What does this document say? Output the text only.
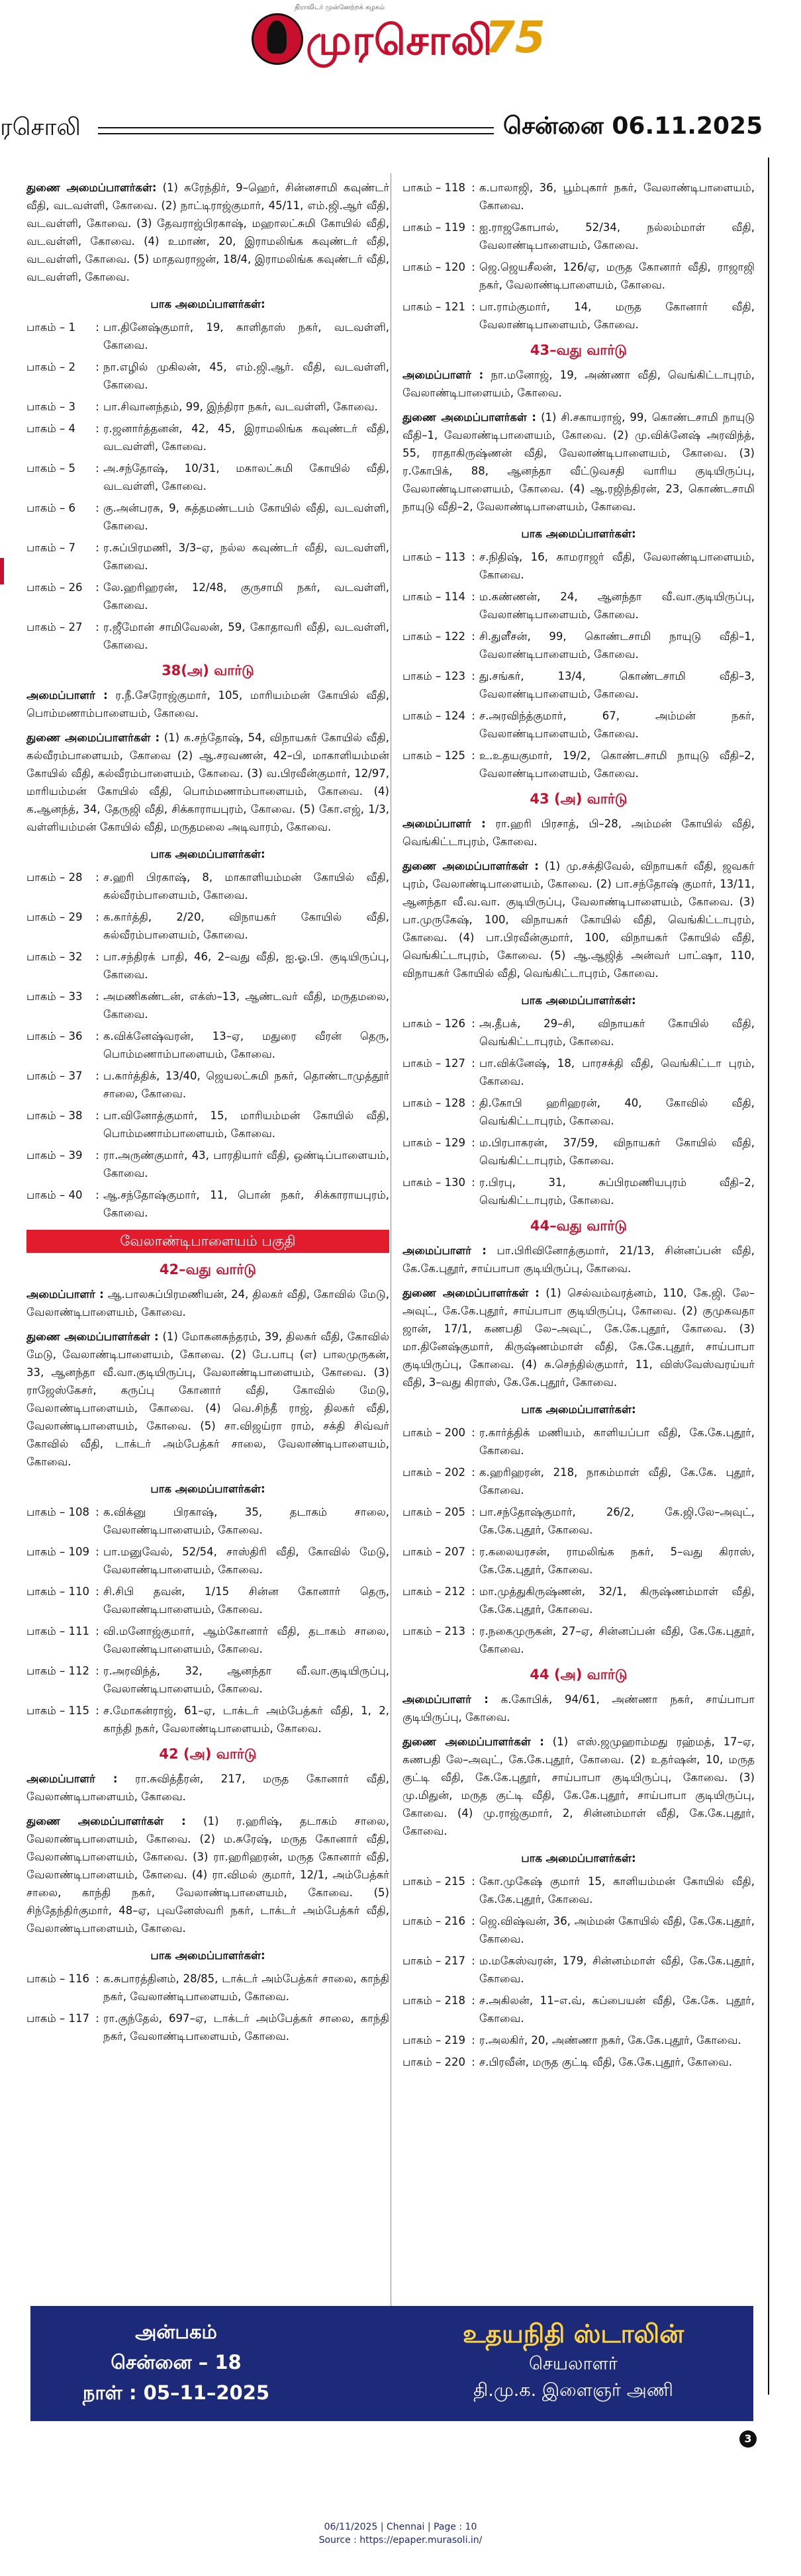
திராவிடர் முன்னேற்றக் கழகம்
முரசொலி
75
ரசொலி	சென்னை 06.11.2025

துணை அமைப்பாளர்கள்: (1) சுரேந்திர், 9–ஹெர், சின்னசாமி கவுண்டர் வீதி, வடவள்ளி, கோவை. (2) நாட்டிராஜ்குமார், 45/11, எம்.ஜி.ஆர் வீதி, வடவள்ளி, கோவை. (3) தேவராஜ்பிரகாஷ், மஹாலட்சுமி கோயில் வீதி, வடவள்ளி, கோவை. (4) உமாண், 20, இராமலிங்க கவுண்டர் வீதி, வடவள்ளி, கோவை. (5) மாதவராஜன், 18/4, இராமலிங்க கவுண்டர் வீதி, வடவள்ளி, கோவை.

பாக அமைப்பாளர்கள்:
பாகம் – 1	: பா.தினேஷ்குமார், 19, காளிதாஸ் நகர், வடவள்ளி, கோவை.
பாகம் – 2	: நா.எழில் முகிலன், 45, எம்.ஜி.ஆர். வீதி, வடவள்ளி, கோவை.
பாகம் – 3	: பா.சிவானந்தம், 99, இந்திரா நகர், வடவள்ளி, கோவை.
பாகம் – 4	: ர.ஜனார்த்தனன், 42, 45, இராமலிங்க கவுண்டர் வீதி, வடவள்ளி, கோவை.
பாகம் – 5	: அ.சந்தோஷ், 10/31, மகாலட்சுமி கோயில் வீதி, வடவள்ளி, கோவை.
பாகம் – 6	: கு.அன்பரசு, 9, சுத்தமண்டபம் கோயில் வீதி, வடவள்ளி, கோவை.
பாகம் – 7	: ர.சுப்பிரமணி, 3/3–ஏ, நல்ல கவுண்டர் வீதி, வடவள்ளி, கோவை.
பாகம் – 26	: லே.ஹரிஹரன், 12/48, குருசாமி நகர், வடவள்ளி, கோவை.
பாகம் – 27	: ர.ஜீமோன் சாமிவேலன், 59, கோதாவரி வீதி, வடவள்ளி, கோவை.
38(அ) வார்டு

அமைப்பாளர் : ர.நீ.சேரோஜ்குமார், 105, மாரியம்மன் கோயில் வீதி, பொம்மணாம்பாளையம், கோவை.

துணை அமைப்பாளர்கள் : (1) க.சந்தோஷ், 54, விநாயகர் கோயில் வீதி, கல்வீரம்பாளையம், கோவை (2) ஆ.சரவணன், 42–பி, மாகாளியம்மன் கோயில் வீதி, கல்வீரம்பாளையம், கோவை. (3) வ.பிரவீன்குமார், 12/97, மாரியம்மன் கோயில் வீதி, பொம்மணாம்பாளையம், கோவை. (4) க.ஆனந்த், 34, தேருஜி வீதி, சிக்காராயபுரம், கோவை. (5) கோ.எஜ், 1/3, வள்ளியம்மன் கோயில் வீதி, மருதமலை அடிவாரம், கோவை.

பாக அமைப்பாளர்கள்:
பாகம் – 28	: ச.ஹரி பிரகாஷ், 8, மாகாளியம்மன் கோயில் வீதி, கல்வீரம்பாளையம், கோவை.
பாகம் – 29	: க.கார்த்தி, 2/20, விநாயகர் கோயில் வீதி, கல்வீரம்பாளையம், கோவை.
பாகம் – 32	: பா.சந்திரக் பாதி, 46, 2–வது வீதி, ஐ.ஓ.பி. குடியிருப்பு, கோவை.
பாகம் – 33	: அமணிகண்டன், எக்ஸ்–13, ஆண்டவர் வீதி, மருதமலை, கோவை.
பாகம் – 36	: க.விக்னேஷ்வரன், 13–ஏ, மதுரை வீரன் தெரு, பொம்மணாம்பாளையம், கோவை.
பாகம் – 37	: ப.கார்த்திக், 13/40, ஜெயலட்சுமி நகர், தொண்டாமுத்தூர் சாலை, கோவை.
பாகம் – 38	: பா.வினோத்குமார், 15, மாரியம்மன் கோயில் வீதி, பொம்மணாம்பாளையம், கோவை.
பாகம் – 39	: ரா.அருண்குமார், 43, பாரதியார் வீதி, ஒண்டிப்பாளையம், கோவை.
பாகம் – 40	: ஆ.சந்தோஷ்குமார், 11, பொன் நகர், சிக்காராயபுரம், கோவை.
வேலாண்டிபாளையம் பகுதி
42–வது வார்டு

அமைப்பாளர் : ஆ.பாலசுப்பிரமணியன், 24, திலகர் வீதி, கோவில் மேடு, வேலாண்டிபாளையம், கோவை.

துணை அமைப்பாளர்கள் : (1) மோகனசுந்தரம், 39, திலகர் வீதி, கோவில் மேடு, வேலாண்டிபாளையம், கோவை. (2) பே.பாபு (எ) பாலமுருகன், 33, ஆனந்தா வீ.வா.குடியிருப்பு, வேலாண்டிபாளையம், கோவை. (3) ராஜேஸ்கேசர், கருப்பு கோனார் வீதி, கோவில் மேடு, வேலாண்டிபாளையம், கோவை. (4) வெ.சிந்தீ ராஜ், திலகர் வீதி, வேலாண்டிபாளையம், கோவை. (5) சா.விஜய்ரா ராம், சக்தி சிவ்வர் கோவில் வீதி, டாக்டர் அம்பேத்கர் சாலை, வேலாண்டிபாளையம், கோவை.

பாக அமைப்பாளர்கள்:
பாகம் – 108 : க.விக்னு பிரகாஷ், 35, தடாகம் சாலை, வேலாண்டிபாளையம், கோவை.
பாகம் – 109 : பா.மனுவேல், 52/54, சாஸ்திரி வீதி, கோவில் மேடு, வேலாண்டிபாளையம், கோவை.
பாகம் – 110 : சி.சிபி தவன், 1/15 சின்ன கோனார் தெரு, வேலாண்டிபாளையம், கோவை.
பாகம் – 111 : வி.மனோஜ்குமார், ஆம்கோனார் வீதி, தடாகம் சாலை, வேலாண்டிபாளையம், கோவை.
பாகம் – 112 : ர.அரவிந்த், 32, ஆனந்தா வீ.வா.குடியிருப்பு, வேலாண்டிபாளையம், கோவை.
பாகம் – 115 : ச.மோகன்ராஜ், 61–ஏ, டாக்டர் அம்பேத்கர் வீதி, 1, 2, காந்தி நகர், வேலாண்டிபாளையம், கோவை.
42 (அ) வார்டு

அமைப்பாளர் : ரா.சுவித்தீரன், 217, மருத கோனார் வீதி, வேலாண்டிபாளையம், கோவை.

துணை அமைப்பாளர்கள் : (1) ர.ஹரிஷ், தடாகம் சாலை, வேலாண்டிபாளையம், கோவை. (2) ம.சுரேஷ், மருத கோனார் வீதி, வேலாண்டிபாளையம், கோவை. (3) ரா.ஹரிஹரன், மருத கோனார் வீதி, வேலாண்டிபாளையம், கோவை. (4) ரா.விமல் குமார், 12/1, அம்பேத்கர் சாலை, காந்தி நகர், வேலாண்டிபாளையம், கோவை. (5) சிந்தேந்திர்குமார், 48–ஏ, புவனேஸ்வரி நகர், டாக்டர் அம்பேத்கர் வீதி, வேலாண்டிபாளையம், கோவை.

பாக அமைப்பாளர்கள்:
பாகம் – 116 : க.சுபாரத்தினம், 28/85, டாக்டர் அம்பேத்கர் சாலை, காந்தி நகர், வேலாண்டிபாளையம், கோவை.
பாகம் – 117 : ரா.குந்தேல், 697–ஏ, டாக்டர் அம்பேத்கர் சாலை, காந்தி நகர், வேலாண்டிபாளையம், கோவை.
பாகம் – 118 : க.பாலாஜி, 36, பூம்புகார் நகர், வேலாண்டிபாளையம், கோவை.
பாகம் – 119 : ஐ.ராஜகோபால், 52/34, நல்லம்மாள் வீதி, வேலாண்டிபாளையம், கோவை.
பாகம் – 120 : ஜெ.ஜெயசீலன், 126/ஏ, மருத கோனார் வீதி, ராஜாஜி நகர், வேலாண்டிபாளையம், கோவை.
பாகம் – 121 : பா.ராம்குமார், 14, மருத கோனார் வீதி, வேலாண்டிபாளையம், கோவை.
43–வது வார்டு

அமைப்பாளர் : நா.மனோஜ், 19, அண்ணா வீதி, வெங்கிட்டாபுரம், வேலாண்டிபாளையம், கோவை.

துணை அமைப்பாளர்கள் : (1) சி.சகாயராஜ், 99, கொண்டசாமி நாயுடு வீதி–1, வேலாண்டிபாளையம், கோவை. (2) மு.விக்னேஷ் அரவிந்த், 55, ராதாகிருஷ்ணன் வீதி, வேலாண்டிபாளையம், கோவை. (3) ர.கோபிக், 88, ஆனந்தா வீட்டுவசதி வாரிய குடியிருப்பு, வேலாண்டிபாளையம், கோவை. (4) ஆ.ரஜிந்திரன், 23, கொண்டசாமி நாயுடு வீதி–2, வேலாண்டிபாளையம், கோவை.

பாக அமைப்பாளர்கள்:
பாகம் – 113 : ச.நிதிஷ், 16, காமராஜர் வீதி, வேலாண்டிபாளையம், கோவை.
பாகம் – 114 : ம.கண்ணன், 24, ஆனந்தா வீ.வா.குடியிருப்பு, வேலாண்டிபாளையம், கோவை.
பாகம் – 122 : சி.துளீசன், 99, கொண்டசாமி நாயுடு வீதி–1, வேலாண்டிபாளையம், கோவை.
பாகம் – 123 : து.சங்கர், 13/4, கொண்டசாமி வீதி–3, வேலாண்டிபாளையம், கோவை.
பாகம் – 124 : ச.அரவிந்த்குமார், 67, அம்மன் நகர், வேலாண்டிபாளையம், கோவை.
பாகம் – 125 : உ.உதயகுமார், 19/2, கொண்டசாமி நாயுடு வீதி–2, வேலாண்டிபாளையம், கோவை.
43 (அ) வார்டு

அமைப்பாளர் : ரா.ஹரி பிரசாத், பி–28, அம்மன் கோயில் வீதி, வெங்கிட்டாபுரம், கோவை.

துணை அமைப்பாளர்கள் : (1) மு.சக்திவேல், விநாயகர் வீதி, ஜவகர் புரம், வேலாண்டிபாளையம், கோவை. (2) பா.சந்தோஷ் குமார், 13/11, ஆனந்தா வீ.வ.வா. குடியிருப்பு, வேலாண்டிபாளையம், கோவை. (3) பா.முருகேஷ், 100, விநாயகர் கோயில் வீதி, வெங்கிட்டாபுரம், கோவை. (4) பா.பிரவீன்குமார், 100, விநாயகர் கோயில் வீதி, வெங்கிட்டாபுரம், கோவை. (5) ஆ.ஆஜித் அன்வர் பாட்ஷா, 110, விநாயகர் கோயில் வீதி, வெங்கிட்டாபுரம், கோவை.

பாக அமைப்பாளர்கள்:
பாகம் – 126 : அ.தீபக், 29–சி, விநாயகர் கோயில் வீதி, வெங்கிட்டாபுரம், கோவை.
பாகம் – 127 : பா.விக்னேஷ், 18, பாரசக்தி வீதி, வெங்கிட்டா புரம், கோவை.
பாகம் – 128 : தி.கோபி ஹரிஹரன், 40, கோவில் வீதி, வெங்கிட்டாபுரம், கோவை.
பாகம் – 129 : ம.பிரபாகரன், 37/59, விநாயகர் கோயில் வீதி, வெங்கிட்டாபுரம், கோவை.
பாகம் – 130 : ர.பிரபு, 31, சுப்பிரமணியபுரம் வீதி–2, வெங்கிட்டாபுரம், கோவை.
44–வது வார்டு

அமைப்பாளர் : பா.பிரிவினோத்குமார், 21/13, சின்னப்பன் வீதி, கே.கே.புதூர், சாய்பாபா குடியிருப்பு, கோவை.

துணை அமைப்பாளர்கள் : (1) செல்வம்வரத்னம், 110, கே.ஜி. லே–அவுட், கே.கே.புதூர், சாய்பாபா குடியிருப்பு, கோவை. (2) குமுகவதா ஜான், 17/1, கணபதி லே–அவுட், கே.கே.புதூர், கோவை. (3) மா.தினேஷ்குமார், கிருஷ்ணம்மாள் வீதி, கே.கே.புதூர், சாய்பாபா குடியிருப்பு, கோவை. (4) சு.செந்தில்குமார், 11, விஸ்வேஸ்வரய்யர் வீதி, 3–வது கிராஸ், கே.கே.புதூர், கோவை.

பாக அமைப்பாளர்கள்:
பாகம் – 200 : ர.கார்த்திக் மணியம், காளியப்பா வீதி, கே.கே.புதூர், கோவை.
பாகம் – 202 : க.ஹரிஹரன், 218, நாகம்மாள் வீதி, கே.கே. புதூர், கோவை.
பாகம் – 205 : பா.சந்தோஷ்குமார், 26/2, கே.ஜி.லே–அவுட், கே.கே.புதூர், கோவை.
பாகம் – 207 : ர.கலையரசன், ராமலிங்க நகர், 5–வது கிராஸ், கே.கே.புதூர், கோவை.
பாகம் – 212 : மா.முத்துகிருஷ்ணன், 32/1, கிருஷ்ணம்மாள் வீதி, கே.கே.புதூர், கோவை.
பாகம் – 213 : ர.நகைமுருகன், 27–ஏ, சின்னப்பன் வீதி, கே.கே.புதூர், கோவை.
44 (அ) வார்டு

அமைப்பாளர் : க.கோபிக், 94/61, அண்ணா நகர், சாய்பாபா குடியிருப்பு, கோவை.

துணை அமைப்பாளர்கள் : (1) எஸ்.ஜமுஹாம்மது ரஹ்மத், 17–ஏ, கணபதி லே–அவுட், கே.கே.புதூர், கோவை. (2) உதர்ஷன், 10, மருத குட்டி வீதி, கே.கே.புதூர், சாய்பாபா குடியிருப்பு, கோவை. (3) மு.மிதுன், மருத குட்டி வீதி, கே.கே.புதூர், சாய்பாபா குடியிருப்பு, கோவை. (4) மு.ராஜ்குமார், 2, சின்னம்மாள் வீதி, கே.கே.புதூர், கோவை.

பாக அமைப்பாளர்கள்:
பாகம் – 215 : கோ.முகேஷ் குமார் 15, காளியம்மன் கோயில் வீதி, கே.கே.புதூர், கோவை.
பாகம் – 216 : ஜெ.விஷ்வன், 36, அம்மன் கோயில் வீதி, கே.கே.புதூர், கோவை.
பாகம் – 217 : ம.மகேஸ்வரன், 179, சின்னம்மாள் வீதி, கே.கே.புதூர், கோவை.
பாகம் – 218 : ச.அகிலன், 11–எ.வ், கப்பையன் வீதி, கே.கே. புதூர், கோவை.
பாகம் – 219 : ர.அலகிர், 20, அண்ணா நகர், கே.கே.புதூர், கோவை.
பாகம் – 220 : ச.பிரவீன், மருத குட்டி வீதி, கே.கே.புதூர், கோவை.
அன்பகம்
சென்னை – 18
நாள் : 05–11–2025
உதயநிதி ஸ்டாலின்
செயலாளர்
தி.மு.க. இளைஞர் அணி
3
06/11/2025 | Chennai | Page : 10
Source : https://epaper.murasoli.in/
